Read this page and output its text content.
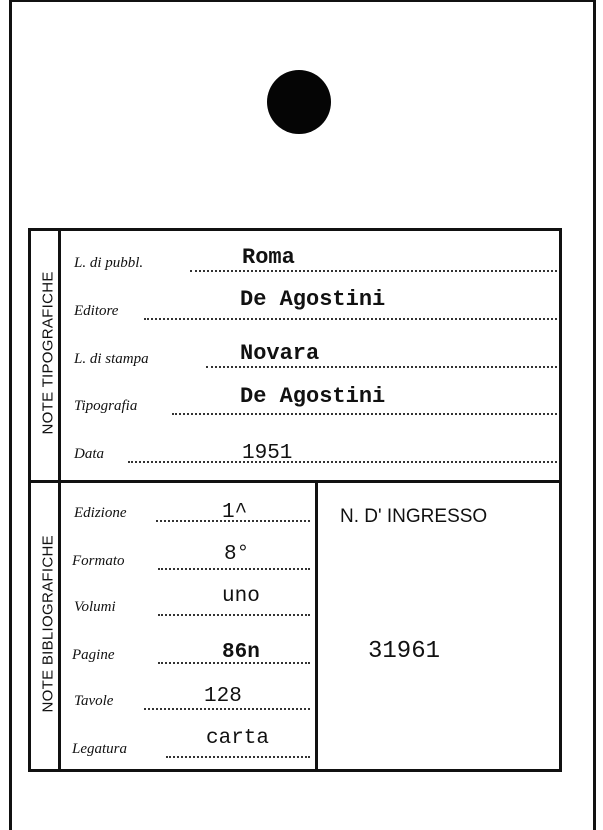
NOTE TIPOGRAFICHE
NOTE BIBLIOGRAFICHE
L. di pubbl.	Roma
Editore	De Agostini
L. di stampa	Novara
Tipografia	De Agostini
Data	1951
Edizione	1^
Formato	8°
Volumi	uno
Pagine	86n
Tavole	128
Legatura	carta
N. D' INGRESSO
31961
